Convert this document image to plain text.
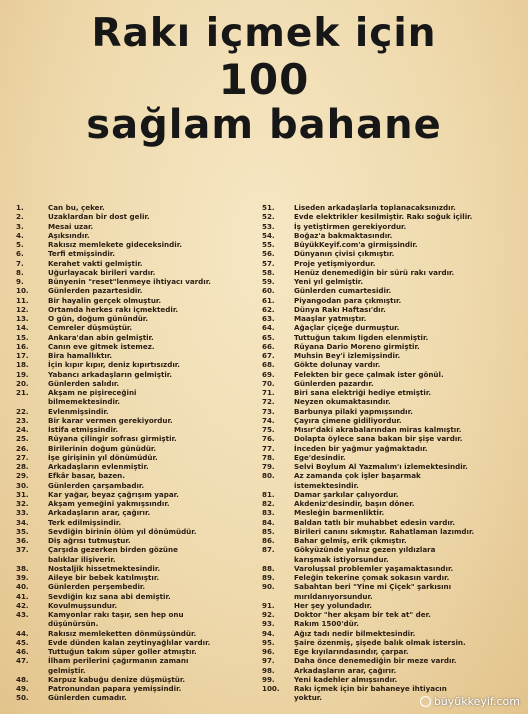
Rakı içmek için
100
sağlam bahane
1.	Can bu, çeker.
2.	Uzaklardan bir dost gelir.
3.	Mesai uzar.
4.	Aşıksındır.
5.	Rakısız memlekete gideceksindir.
6.	Terfi etmişsindir.
7.	Kerahet vakti gelmiştir.
8.	Uğurlayacak birileri vardır.
9.	Bünyenin "reset"lenmeye ihtiyacı vardır.
10.	Günlerden pazartesidir.
11.	Bir hayalin gerçek olmuştur.
12.	Ortamda herkes rakı içmektedir.
13.	O gün, doğum günündür.
14.	Cemreler düşmüştür.
15.	Ankara'dan abin gelmiştir.
16.	Canın eve gitmek istemez.
17.	Bira hamallıktır.
18.	İçin kıpır kıpır, deniz kıpırtısızdır.
19.	Yabancı arkadaşların gelmiştir.
20.	Günlerden salıdır.
21.	Akşam ne pişireceğini
bilmemektesindir.
22.	Evlenmişsindir.
23.	Bir karar vermen gerekiyordur.
24.	İstifa etmişsindir.
25.	Rüyana çilingir sofrası girmiştir.
26.	Birilerinin doğum günüdür.
27.	İşe girişinin yıl dönümüdür.
28.	Arkadaşların evlenmiştir.
29.	Efkâr basar, bazen.
30.	Günlerden çarşambadır.
31.	Kar yağar, beyaz çağrışım yapar.
32.	Akşam yemeğini yakmışsındır.
33.	Arkadaşların arar, çağırır.
34.	Terk edilmişsindir.
35.	Sevdiğin birinin ölüm yıl dönümüdür.
36.	Diş ağrısı tutmuştur.
37.	Çarşıda gezerken birden gözüne
balıklar ilişiverir.
38.	Nostaljik hissetmektesindir.
39.	Aileye bir bebek katılmıştır.
40.	Günlerden perşembedir.
41.	Sevdiğin kız sana abi demiştir.
42.	Kovulmuşsundur.
43.	Kamyonlar rakı taşır, sen hep onu
düşünürsün.
44.	Rakısız memleketten dönmüşsündür.
45.	Evde dünden kalan zeytinyağlılar vardır.
46.	Tuttuğun takım süper goller atmıştır.
47.	İlham perilerini çağırmanın zamanı
gelmiştir.
48.	Karpuz kabuğu denize düşmüştür.
49.	Patronundan papara yemişsindir.
50.	Günlerden cumadır.
51.	Liseden arkadaşlarla toplanacaksınızdır.
52.	Evde elektrikler kesilmiştir. Rakı soğuk içilir.
53.	İş yetiştirmen gerekiyordur.
54.	Boğaz'a bakmaktasındır.
55.	BüyükKeyif.com'a girmişsindir.
56.	Dünyanın çivisi çıkmıştır.
57.	Proje yetişmiyordur.
58.	Henüz denemediğin bir sürü rakı vardır.
59.	Yeni yıl gelmiştir.
60.	Günlerden cumartesidir.
61.	Piyangodan para çıkmıştır.
62.	Dünya Rakı Haftası'dır.
63.	Maaşlar yatmıştır.
64.	Ağaçlar çiçeğe durmuştur.
65.	Tuttuğun takım ligden elenmiştir.
66.	Rüyana Dario Moreno girmiştir.
67.	Muhsin Bey'i izlemişsindir.
68.	Gökte dolunay vardır.
69.	Felekten bir gece çalmak ister gönül.
70.	Günlerden pazardır.
71.	Biri sana elektriği hediye etmiştir.
72.	Neyzen okumaktasındır.
73.	Barbunya pilaki yapmışsındır.
74.	Çayıra çimene gidiliyordur.
75.	Mısır'daki akrabalarından miras kalmıştır.
76.	Dolapta öylece sana bakan bir şişe vardır.
77.	İnceden bir yağmur yağmaktadır.
78.	Ege'desindir.
79.	Selvi Boylum Al Yazmalım'ı izlemektesindir.
80.	Az zamanda çok işler başarmak
istemektesindir.
81.	Damar şarkılar çalıyordur.
82.	Akdeniz'desindir, başın döner.
83.	Mesleğin barmenliktir.
84.	Baldan tatlı bir muhabbet edesin vardır.
85.	Birileri canını sıkmıştır. Rahatlaman lazımdır.
86.	Bahar gelmiş, erik çıkmıştır.
87.	Gökyüzünde yalnız gezen yıldızlara
karışmak istiyorsundur.
88.	Varoluşsal problemler yaşamaktasındır.
89.	Feleğin tekerine çomak sokasın vardır.
90.	Sabahtan beri "Yine mi Çiçek" şarkısını
mırıldanıyorsundur.
91.	Her şey yolundadır.
92.	Doktor "her akşam bir tek at" der.
93.	Rakım 1500'dür.
94.	Ağız tadı nedir bilmektesindir.
95.	Şaire özenmiş, şişede balık olmak istersin.
96.	Ege kıyılarındasındır, çarpar.
97.	Daha önce denemediğin bir meze vardır.
98.	Arkadaşların arar, çağırır.
99.	Yeni kadehler almışsındır.
100.	Rakı içmek için bir bahaneye ihtiyacın
yoktur.	büyükkeyif.com
